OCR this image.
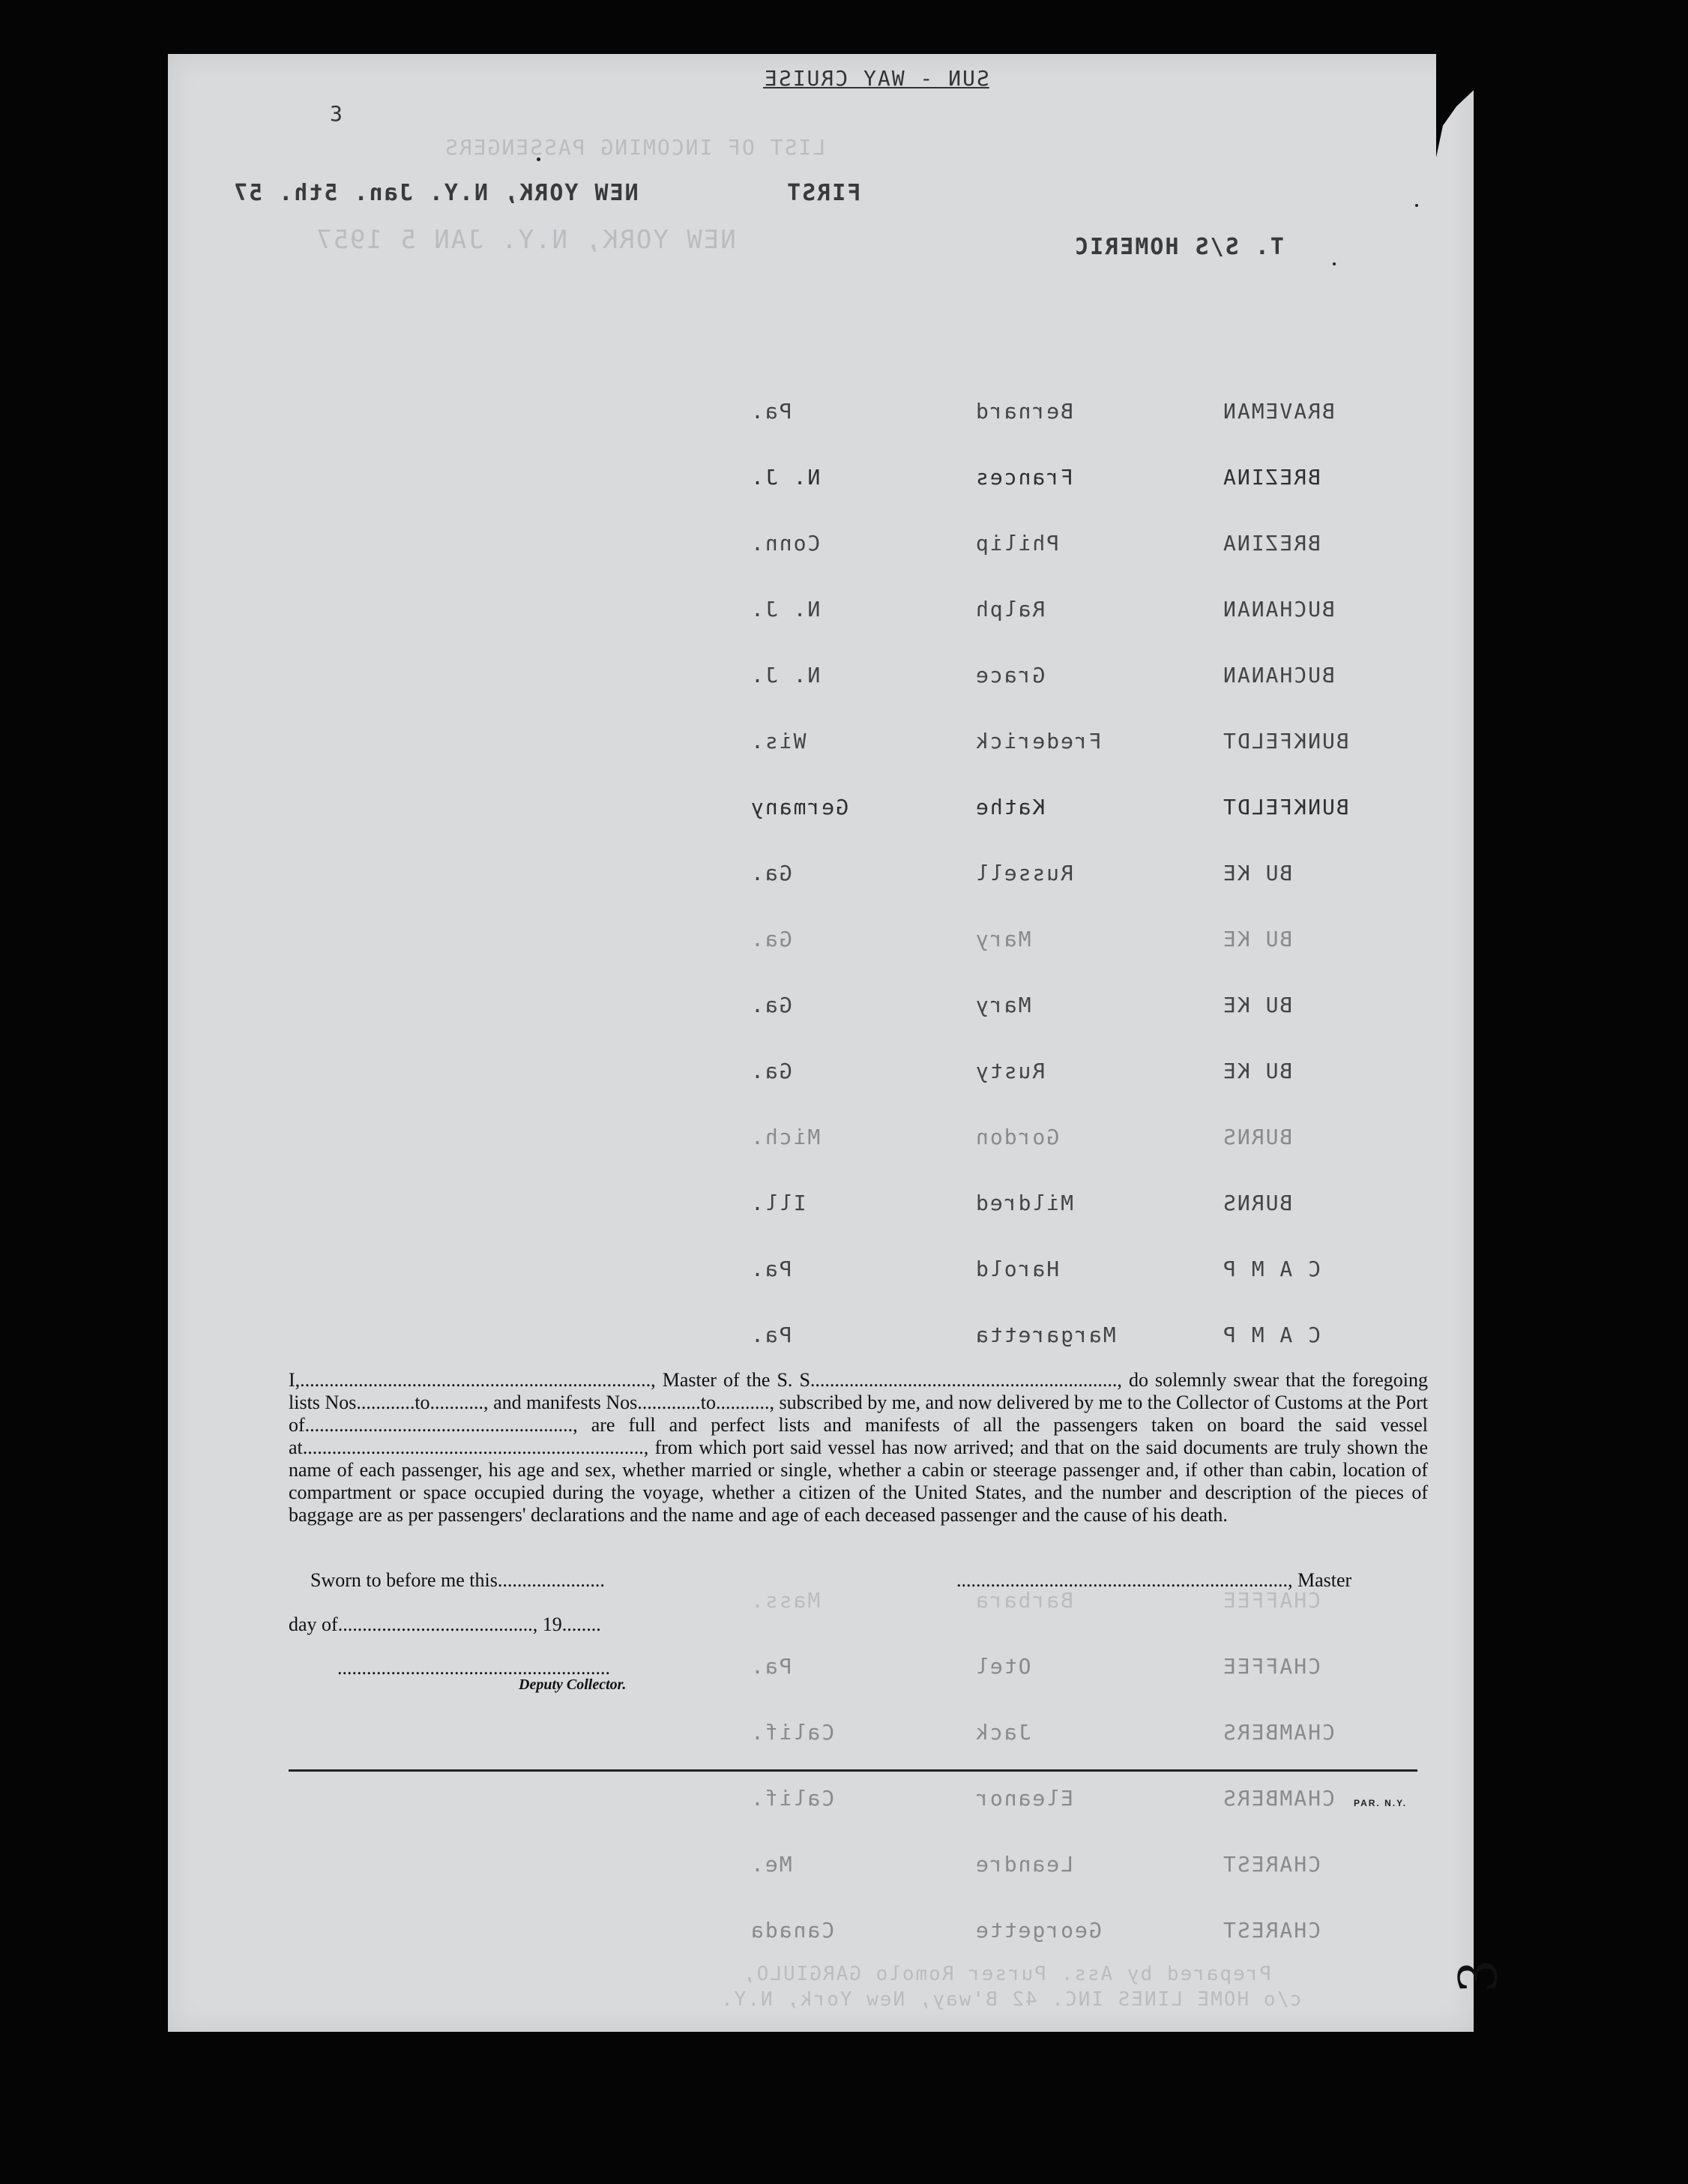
LIST OF INCOMING PASSENGERS
NEW YORK, N.Y. JAN 5 1957
SUN - WAY CRUISE
3
FIRST
NEW YORK, N.Y. Jan. 5th. 57
T. S/S HOMERIC
BRAVEMAN
Bernard
Pa.
BREZINA
Frances
N. J.
BREZINA
Philip
Conn.
BUCHANAN
Ralph
N. J.
BUCHANAN
Grace
N. J.
BUNKFELDT
Frederick
Wis.
BUNKFELDT
Kathe
Germany
BU KE
Russell
Ga.
BU KE
Mary
Ga.
BU KE
Mary
Ga.
BU KE
Rusty
Ga.
BURNS
Gordon
Mich.
BURNS
Mildred
Ill.
C A M P
Harold
Pa.
C A M P
Margaretta
Pa.
CHAFFEE
Barbara
Mass.
CHAFFEE
Otel
Pa.
CHAMBERS
Jack
Calif.
CHAMBERS
Eleanor
Calif.
CHAREST
Leandre
Me.
CHAREST
Georgette
Canada
Prepared by Ass. Purser Romolo GARGIULO,
c/o HOME LINES INC. 42 B'way, New York, N.Y.
I,........................................................................, Master of the S. S..............................................................., do solemnly swear that the foregoing lists Nos............to..........., and manifests Nos.............to..........., subscribed by me, and now delivered by me to the Collector of Customs at the Port of......................................................., are full and perfect lists and manifests of all the passengers taken on board the said vessel at......................................................................, from which port said vessel has now arrived; and that on the said documents are truly shown the name of each passenger, his age and sex, whether married or single, whether a cabin or steerage passenger and, if other than cabin, location of compartment or space occupied during the voyage, whether a citizen of the United States, and the number and description of the pieces of baggage are as per passengers' declarations and the name and age of each deceased passenger and the cause of his death.
Sworn to before me this......................	...................................................................., Master
day of........................................, 19........
........................................................
Deputy Collector.
PAR. N.Y.
3
